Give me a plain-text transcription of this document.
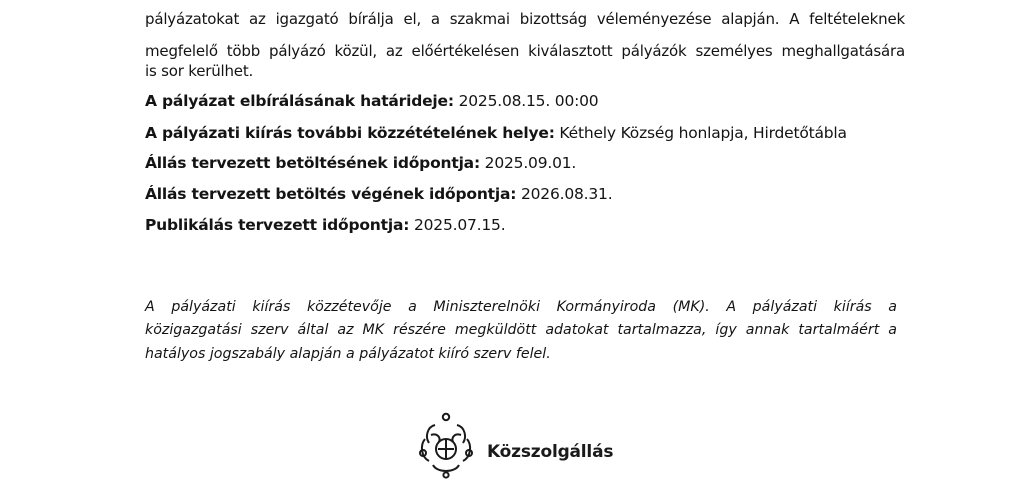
pályázatokat az igazgató bírálja el, a szakmai bizottság véleményezése alapján. A feltételeknek
megfelelő több pályázó közül, az előértékelésen kiválasztott pályázók személyes meghallgatására
is sor kerülhet.
A pályázat elbírálásának határideje: 2025.08.15. 00:00
A pályázati kiírás további közzétételének helye: Kéthely Község honlapja, Hirdetőtábla
Állás tervezett betöltésének időpontja: 2025.09.01.
Állás tervezett betöltés végének időpontja: 2026.08.31.
Publikálás tervezett időpontja: 2025.07.15.
A pályázati kiírás közzétevője a Miniszterelnöki Kormányiroda (MK). A pályázati kiírás a
közigazgatási szerv által az MK részére megküldött adatokat tartalmazza, így annak tartalmáért a
hatályos jogszabály alapján a pályázatot kiíró szerv felel.
Közszolgállás
